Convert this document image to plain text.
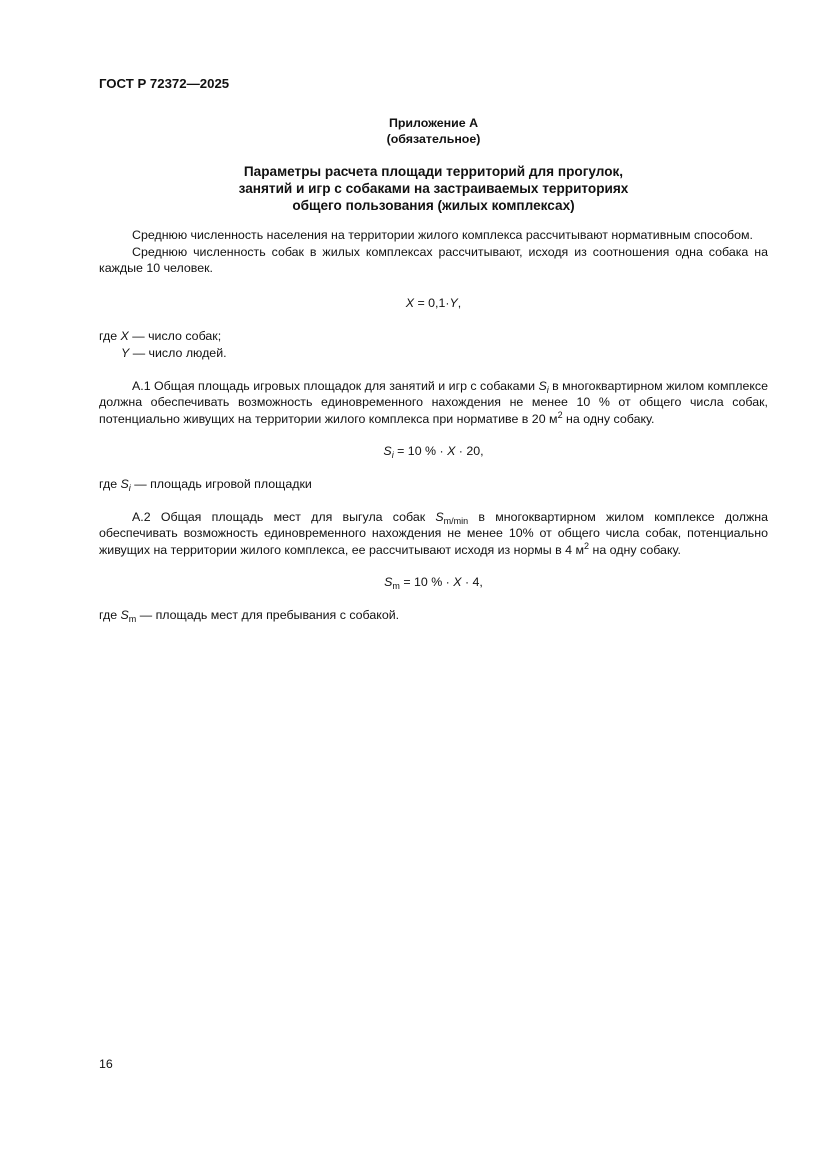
ГОСТ Р 72372—2025
Приложение А
(обязательное)
Параметры расчета площади территорий для прогулок,
занятий и игр с собаками на застраиваемых территориях
общего пользования (жилых комплексах)

Среднюю численность населения на территории жилого комплекса рассчитывают нормативным способом.

Среднюю численность собак в жилых комплексах рассчитывают, исходя из соотношения одна собака на каждые 10 человек.

X = 0,1·Y,

где X — число собак;
Y — число людей.

А.1 Общая площадь игровых площадок для занятий и игр с собаками $S_i$ в многоквартирном жилом комплексе должна обеспечивать возможность единовременного нахождения не менее 10 % от общего числа собак, потенциально живущих на территории жилого комплекса при нормативе в 20 $м^2$ на одну собаку.

$S_i = 10$ % · X · 20,

где $S_i$ — площадь игровой площадки

А.2 Общая площадь мест для выгула собак $S_{m/min}$ в многоквартирном жилом комплексе должна обеспечивать возможность единовременного нахождения не менее 10% от общего числа собак, потенциально живущих на территории жилого комплекса, ее рассчитывают исходя из нормы в 4 $м^2$ на одну собаку.

$S_m = 10$ % · X · 4,

где $S_m$ — площадь мест для пребывания с собакой.
16
